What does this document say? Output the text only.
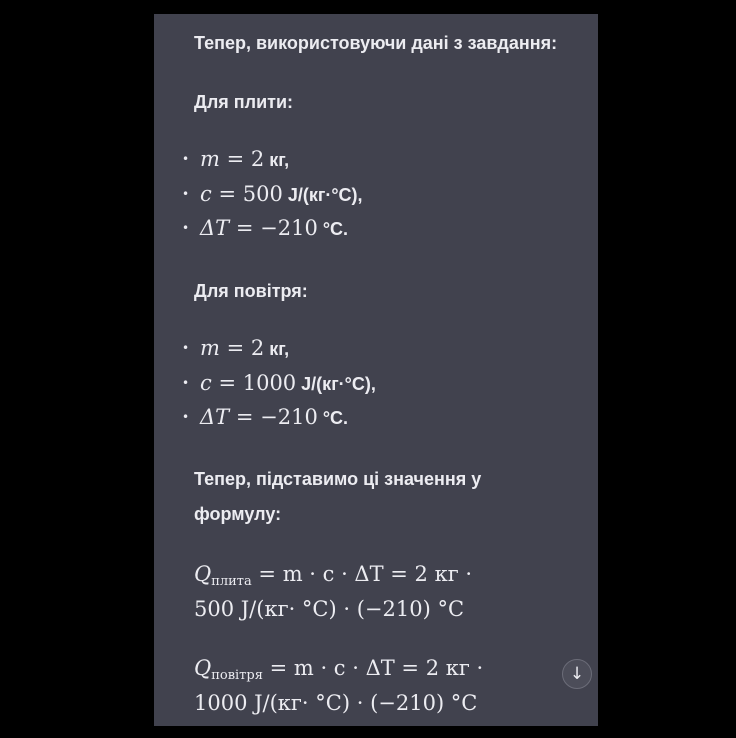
Тепер, використовуючи дані з завдання:
Для плити:
• m = 2 кг,
• c = 500 J/(кг·°C),
• ΔT = −210 °C.
Для повітря:
• m = 2 кг,
• c = 1000 J/(кг·°C),
• ΔT = −210 °C.
Тепер, підставимо ці значення у
формулу:
$Q_{плита} = m \cdot c \cdot \Delta T = 2$ кг ·
500 J/(кг· °C) · (−210) °C
$Q_{повітря} = m \cdot c \cdot \Delta T = 2$ кг ·
1000 J/(кг· °C) · (−210) °C
↓
